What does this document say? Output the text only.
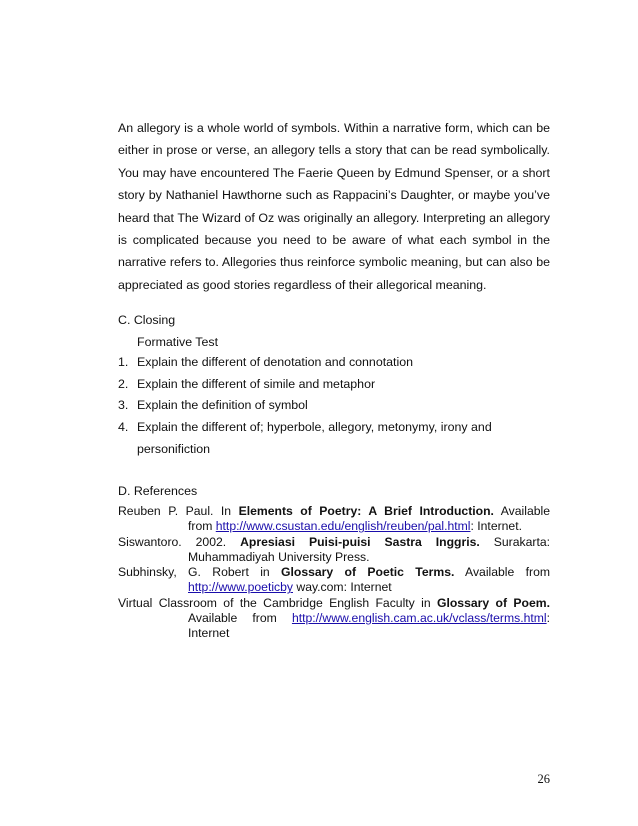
An allegory is a whole world of symbols. Within a narrative form, which can be either in prose or verse, an allegory tells a story that can be read symbolically. You may have encountered The Faerie Queen by Edmund Spenser, or a short story by Nathaniel Hawthorne such as Rappacini’s Daughter, or maybe you’ve heard that The Wizard of Oz was originally an allegory. Interpreting an allegory is complicated because you need to be aware of what each symbol in the narrative refers to. Allegories thus reinforce symbolic meaning, but can also be appreciated as good stories regardless of their allegorical meaning.

C. Closing
Formative Test
1. Explain the different of denotation and connotation
2. Explain the different of simile and metaphor
3. Explain the definition of symbol
4. Explain the different of; hyperbole, allegory, metonymy, irony and
personifiction
D. References
Reuben P. Paul. In Elements of Poetry: A Brief Introduction. Available
from http://www.csustan.edu/english/reuben/pal.html: Internet.
Siswantoro. 2002. Apresiasi Puisi-puisi Sastra Inggris. Surakarta:
Muhammadiyah University Press.
Subhinsky, G. Robert in Glossary of Poetic Terms. Available from
http://www.poeticby way.com: Internet
Virtual Classroom of the Cambridge English Faculty in Glossary of Poem.
Available from http://www.english.cam.ac.uk/vclass/terms.html:
Internet
26
